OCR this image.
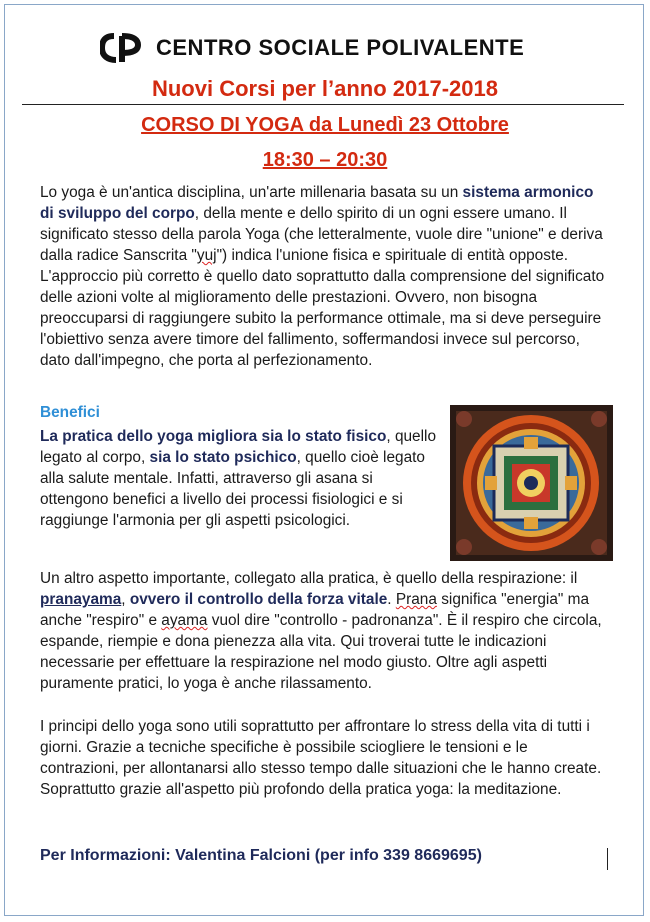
CENTRO SOCIALE POLIVALENTE
Nuovi Corsi per l’anno 2017-2018
CORSO DI YOGA da Lunedì 23 Ottobre
18:30 – 20:30
Lo yoga è un'antica disciplina, un'arte millenaria basata su un sistema armonico di sviluppo del corpo, della mente e dello spirito di un ogni essere umano. Il significato stesso della parola Yoga (che letteralmente, vuole dire "unione" e deriva dalla radice Sanscrita "yuj") indica l'unione fisica e spirituale di entità opposte. L'approccio più corretto è quello dato soprattutto dalla comprensione del significato delle azioni volte al miglioramento delle prestazioni. Ovvero, non bisogna preoccuparsi di raggiungere subito la performance ottimale, ma si deve perseguire l'obiettivo senza avere timore del fallimento, soffermandosi invece sul percorso, dato dall'impegno, che porta al perfezionamento.
Benefici
La pratica dello yoga migliora sia lo stato fisico, quello legato al corpo, sia lo stato psichico, quello cioè legato alla salute mentale. Infatti, attraverso gli asana si ottengono benefici a livello dei processi fisiologici e si raggiunge l'armonia per gli aspetti psicologici.
Un altro aspetto importante, collegato alla pratica, è quello della respirazione: il pranayama, ovvero il controllo della forza vitale. Prana significa "energia" ma anche "respiro" e ayama vuol dire "controllo - padronanza". È il respiro che circola, espande, riempie e dona pienezza alla vita. Qui troverai tutte le indicazioni necessarie per effettuare la respirazione nel modo giusto. Oltre agli aspetti puramente pratici, lo yoga è anche rilassamento.
I principi dello yoga sono utili soprattutto per affrontare lo stress della vita di tutti i giorni. Grazie a tecniche specifiche è possibile sciogliere le tensioni e le contrazioni, per allontanarsi allo stesso tempo dalle situazioni che le hanno create. Soprattutto grazie all'aspetto più profondo della pratica yoga: la meditazione.
Per Informazioni: Valentina Falcioni (per info 339 8669695)
